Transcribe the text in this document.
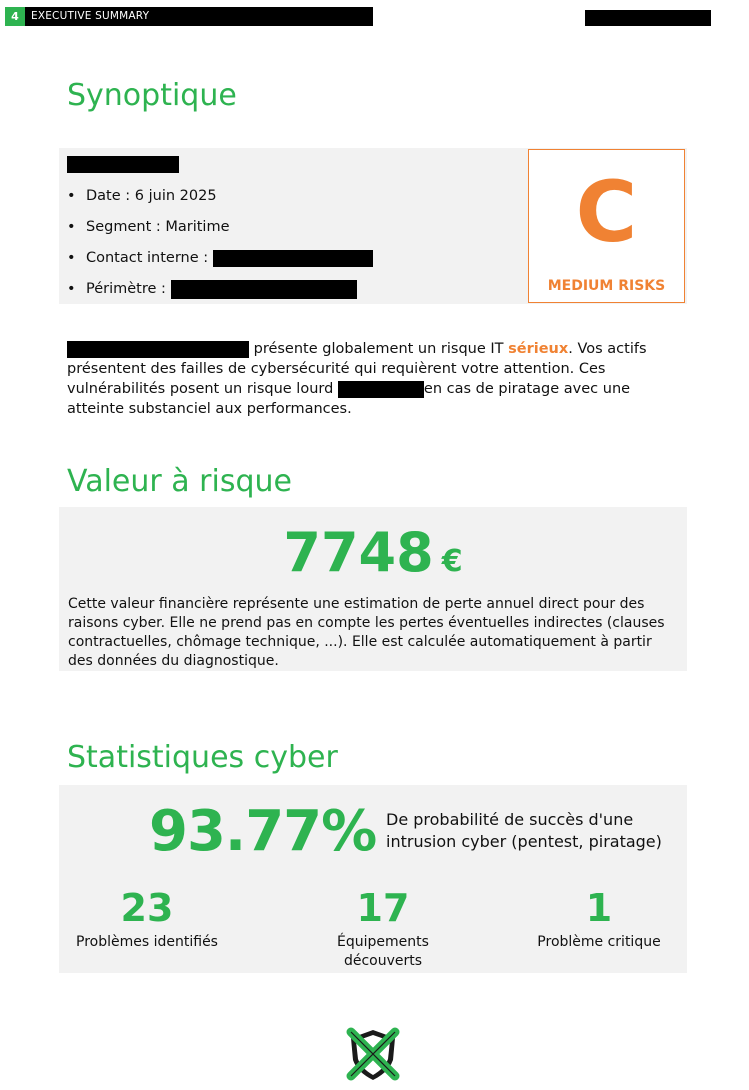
4	EXECUTIVE SUMMARY
Synoptique
• Date : 6 juin 2025
• Segment : Maritime
• Contact interne :
• Périmètre :
C
MEDIUM RISKS
présente globalement un risque IT sérieux. Vos actifs présentent des failles de cybersécurité qui requièrent votre attention. Ces vulnérabilités posent un risque lourd	en cas de piratage avec une atteinte substanciel aux performances.
Valeur à risque
7748 €
Cette valeur financière représente une estimation de perte annuel direct pour des raisons cyber. Elle ne prend pas en compte les pertes éventuelles indirectes (clauses contractuelles, chômage technique, ...). Elle est calculée automatiquement à partir des données du diagnostique.
Statistiques cyber
93.77% De probabilité de succès d'une intrusion cyber (pentest, piratage)
23
Problèmes identifiés
17
Équipements découverts
1
Problème critique
